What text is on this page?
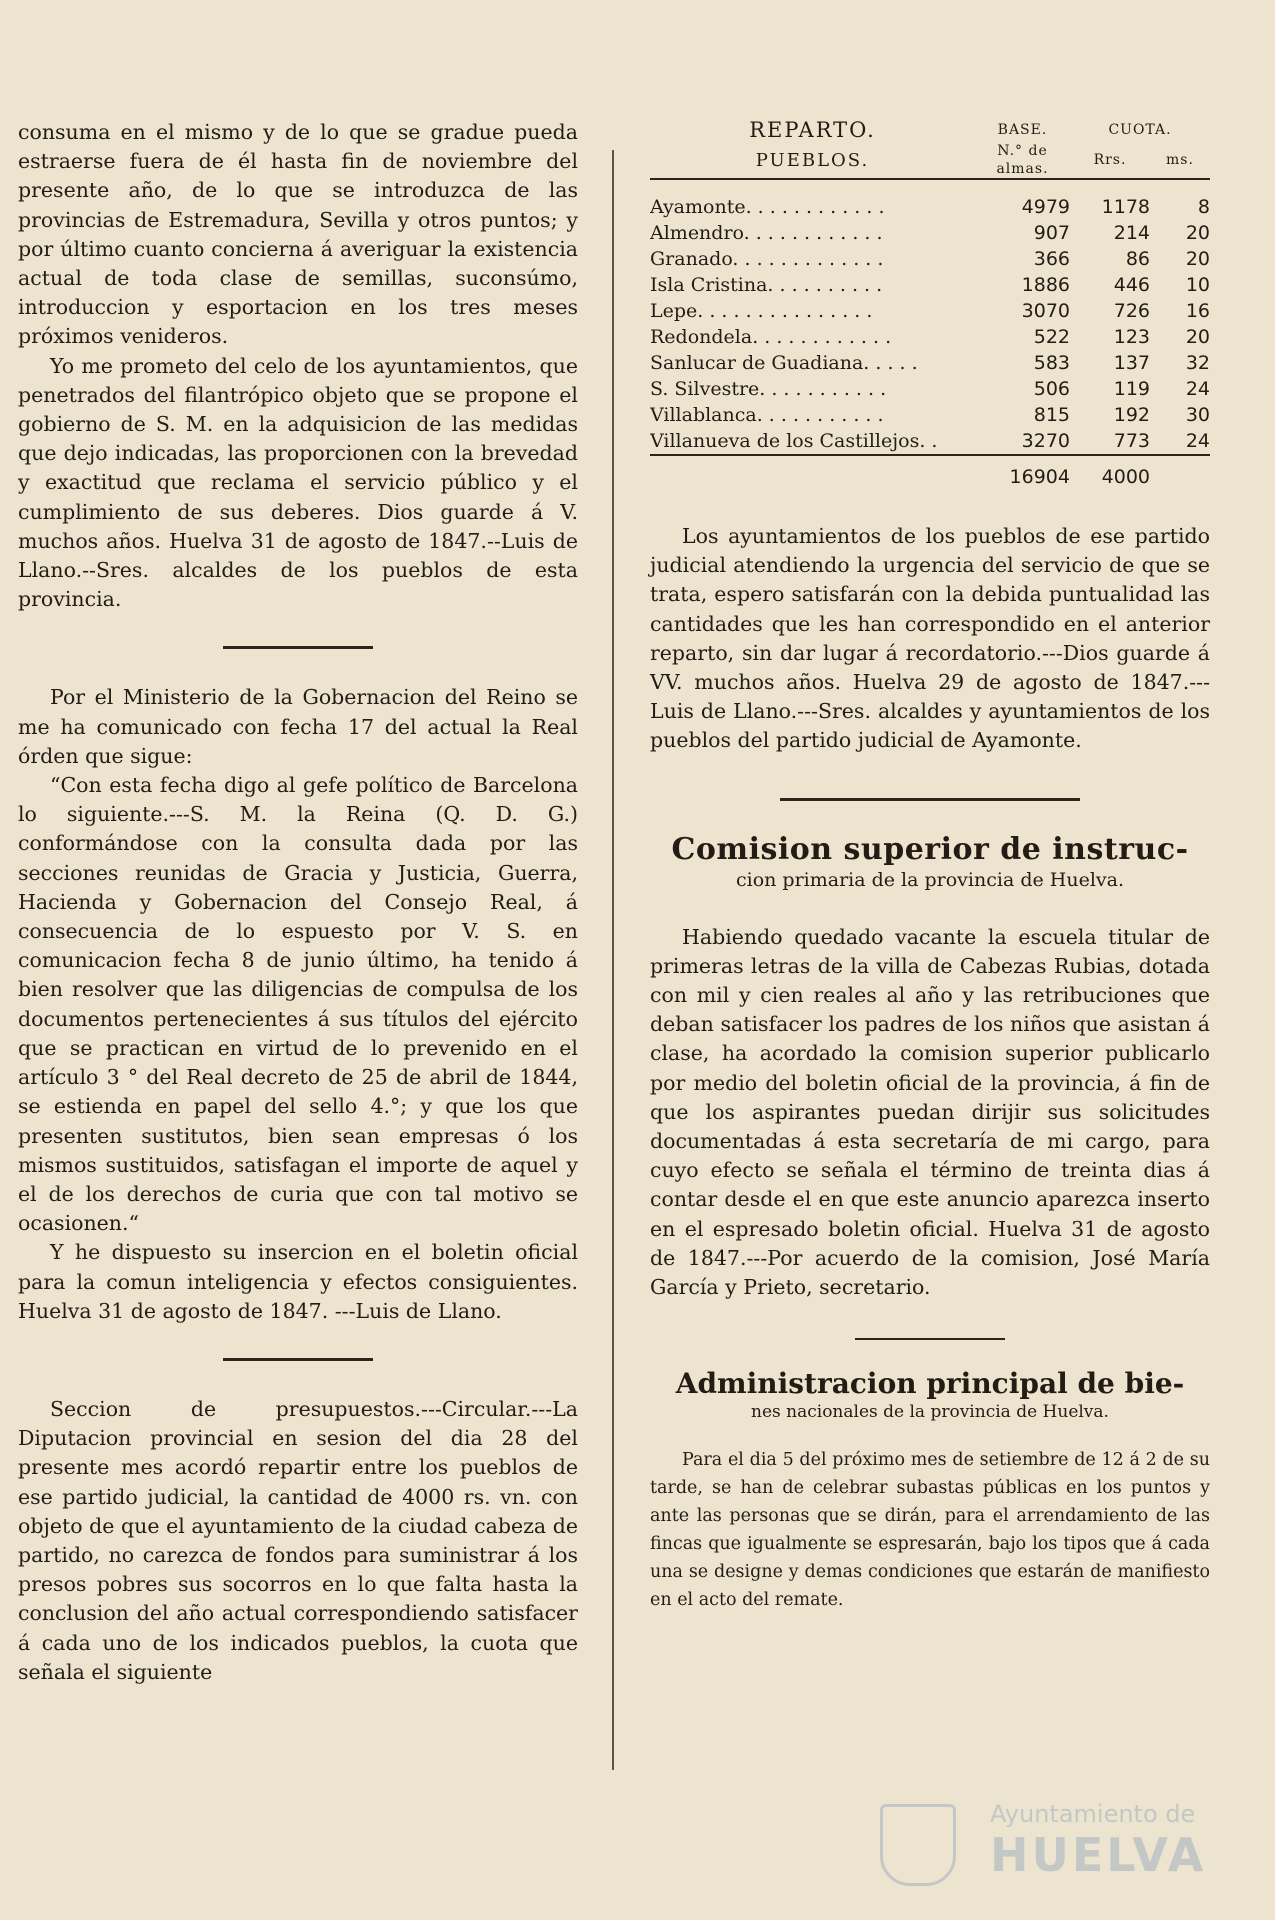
consuma en el mismo y de lo que se gradue pueda estraerse fuera de él hasta fin de noviembre del presente año, de lo que se introduzca de las provincias de Estremadura, Sevilla y otros puntos; y por último cuanto concierna á averiguar la existencia actual de toda clase de semillas, suconsúmo, introduccion y esportacion en los tres meses próximos venideros.

Yo me prometo del celo de los ayuntamientos, que penetrados del filantrópico objeto que se propone el gobierno de S. M. en la adquisicion de las medidas que dejo indicadas, las proporcionen con la brevedad y exactitud que reclama el servicio público y el cumplimiento de sus deberes. Dios guarde á V. muchos años. Huelva 31 de agosto de 1847.--Luis de Llano.--Sres. alcaldes de los pueblos de esta provincia.

Por el Ministerio de la Gobernacion del Reino se me ha comunicado con fecha 17 del actual la Real órden que sigue:

“Con esta fecha digo al gefe político de Barcelona lo siguiente.---S. M. la Reina (Q. D. G.) conformándose con la consulta dada por las secciones reunidas de Gracia y Justicia, Guerra, Hacienda y Gobernacion del Consejo Real, á consecuencia de lo espuesto por V. S. en comunicacion fecha 8 de junio último, ha tenido á bien resolver que las diligencias de compulsa de los documentos pertenecientes á sus títulos del ejército que se practican en virtud de lo prevenido en el artículo 3 ° del Real decreto de 25 de abril de 1844, se estienda en papel del sello 4.°; y que los que presenten sustitutos, bien sean empresas ó los mismos sustituidos, satisfagan el importe de aquel y el de los derechos de curia que con tal motivo se ocasionen.“

Y he dispuesto su insercion en el boletin oficial para la comun inteligencia y efectos consiguientes. Huelva 31 de agosto de 1847. ---Luis de Llano.

Seccion de presupuestos.---Circular.---La Diputacion provincial en sesion del dia 28 del presente mes acordó repartir entre los pueblos de ese partido judicial, la cantidad de 4000 rs. vn. con objeto de que el ayuntamiento de la ciudad cabeza de partido, no carezca de fondos para suministrar á los presos pobres sus socorros en lo que falta hasta la conclusion del año actual correspondiendo satisfacer á cada uno de los indicados pueblos, la cuota que señala el siguiente

REPARTO.	BASE.	CUOTA.	
PUEBLOS.	N.° de almas.	Rrs.	ms.

Ayamonte. . . . . . . . . . . .	4979	1178	8
Almendro. . . . . . . . . . . .	907	214	20
Granado. . . . . . . . . . . . .	366	86	20
Isla Cristina. . . . . . . . . .	1886	446	10
Lepe. . . . . . . . . . . . . . .	3070	726	16
Redondela. . . . . . . . . . . .	522	123	20
Sanlucar de Guadiana. . . . .	583	137	32
S. Silvestre. . . . . . . . . . .	506	119	24
Villablanca. . . . . . . . . . .	815	192	30
Villanueva de los Castillejos. .	3270	773	24
	16904	4000	

Los ayuntamientos de los pueblos de ese partido judicial atendiendo la urgencia del servicio de que se trata, espero satisfarán con la debida puntualidad las cantidades que les han correspondido en el anterior reparto, sin dar lugar á recordatorio.---Dios guarde á VV. muchos años. Huelva 29 de agosto de 1847.---Luis de Llano.---Sres. alcaldes y ayuntamientos de los pueblos del partido judicial de Ayamonte.

Comision superior de instruc-

cion primaria de la provincia de Huelva.

Habiendo quedado vacante la escuela titular de primeras letras de la villa de Cabezas Rubias, dotada con mil y cien reales al año y las retribuciones que deban satisfacer los padres de los niños que asistan á clase, ha acordado la comision superior publicarlo por medio del boletin oficial de la provincia, á fin de que los aspirantes puedan dirijir sus solicitudes documentadas á esta secretaría de mi cargo, para cuyo efecto se señala el término de treinta dias á contar desde el en que este anuncio aparezca inserto en el espresado boletin oficial. Huelva 31 de agosto de 1847.---Por acuerdo de la comision, José María García y Prieto, secretario.

Administracion principal de bie-

nes nacionales de la provincia de Huelva.

Para el dia 5 del próximo mes de setiembre de 12 á 2 de su tarde, se han de celebrar subastas públicas en los puntos y ante las personas que se dirán, para el arrendamiento de las fincas que igualmente se espresarán, bajo los tipos que á cada una se designe y demas condiciones que estarán de manifiesto en el acto del remate.

Ayuntamiento de
HUELVA
